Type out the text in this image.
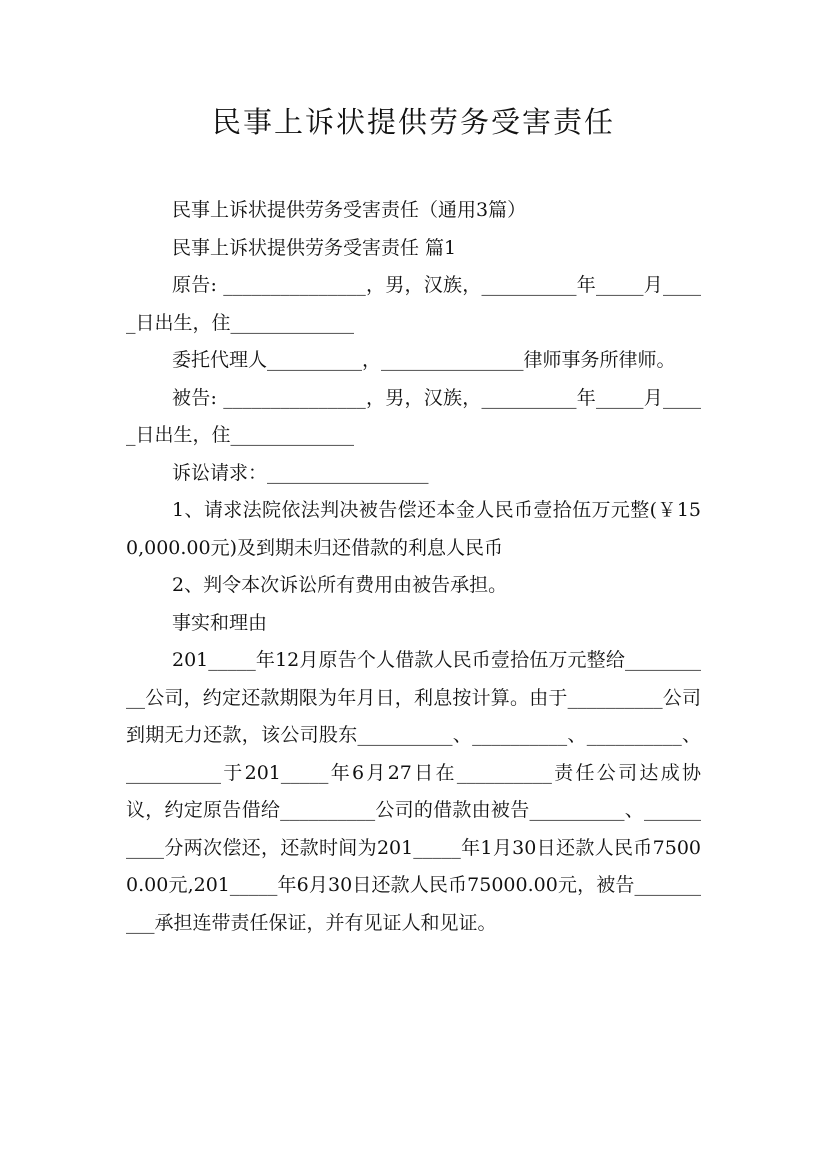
民事上诉状提供劳务受害责任

民事上诉状提供劳务受害责任（通用3篇）

民事上诉状提供劳务受害责任 篇1

原告: _______________，男，汉族，__________年_____月_____日出生，住_____________

委托代理人__________，_______________律师事务所律师。

被告: _______________，男，汉族，__________年_____月_____日出生，住_____________

诉讼请求：_________________

1、请求法院依法判决被告偿还本金人民币壹拾伍万元整(￥150,000.00元)及到期未归还借款的利息人民币

2、判令本次诉讼所有费用由被告承担。

事实和理由

201_____年12月原告个人借款人民币壹拾伍万元整给__________公司，约定还款期限为年月日，利息按计算。由于__________公司到期无力还款，该公司股东__________、__________、__________、__________于201_____年6月27日在__________责任公司达成协议，约定原告借给__________公司的借款由被告__________、__________分两次偿还，还款时间为201_____年1月30日还款人民币75000.00元,201_____年6月30日还款人民币75000.00元，被告__________承担连带责任保证，并有见证人和见证。
